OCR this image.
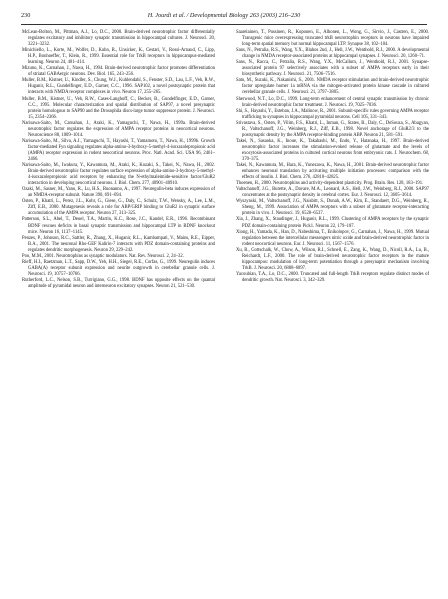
230	H. Jourdi et al. / Developmental Biology 263 (2003) 216–230

McLean-Bolton, M., Pittman, A.J., Lo, D.C., 2000. Brain-derived neurotrophic factor differentially regulates excitatory and inhibitory synaptic transmission in hippocampal cultures. J. Neurosci. 20, 3221–3232.

Minichiello, L., Korte, M., Wolfer, D., Kuhn, R., Unsicker, K., Cestari, V., Rossi-Arnaud, C., Lipp, H.P., Bonhoeffer, T., Klein, R., 1999. Essential role for TrkB receptors in hippocampus-mediated learning. Neuron 24, 401–414.

Mizuno, K., Carnahan, J., Nawa, H., 1994. Brain-derived neurotrophic factor promotes differentiation of striatal GABAergic neurons. Dev. Biol. 165, 243–256.

Muller, B.M., Kistner, U., Kindler, S., Chung, W.J., Kuhlendahl, S., Fenster, S.D., Lau, L.F., Veh, R.W., Huganir, R.L., Gundelfinger, E.D., Garner, C.C., 1996. SAP102, a novel postsynaptic protein that interacts with NMDA receptor complexes in vivo. Neuron 17, 255–265.

Muller, B.M., Kistner, U., Veh, R.W., Cases-Langhoff, C., Becker, B., Gundelfinger, E.D., Garner, C.C., 1995. Molecular characterization and spatial distribution of SAP97, a novel presynaptic protein homologous to SAP90 and the Drosophila discs-large tumor suppressor protein. J. Neurosci. 15, 2354–2366.

Narisawa-Saito, M., Carnahan, J., Araki, K., Yamaguchi, T., Nawa, H., 1999a. Brain-derived neurotrophic factor regulates the expression of AMPA receptor proteins in neocortical neurons. Neuroscience 88, 1009–1014.

Narisawa-Saito, M., Silva, A.J., Yamaguchi, T., Hayashi, T., Yamamoto, T., Nawa, H., 1999b. Growth factor-mediated Fyn signaling regulates alpha-amino-3-hydroxy-5-methyl-4-isoxazolepropionic acid (AMPA) receptor expression in rodent neocortical neurons. Proc. Natl. Acad. Sci. USA 96, 2461–2466.

Narisawa-Saito, M., Iwakura, Y., Kawamura, M., Araki, K., Kozaki, S., Takei, N., Nawa, H., 2002. Brain-derived neurotrophic factor regulates surface expression of alpha-amino-3-hydroxy-5-methyl-4-isoxazolepropionic acid receptors by enhancing the N-ethylmaleimide-sensitive factor/GluR2 interaction in developing neocortical neurons. J. Biol. Chem. 277, 40901–40910.

Ozaki, M., Sasner, M., Yano, R., Lu, H.S., Buonanno, A., 1997. Neuregulin-beta induces expression of an NMDA-receptor subunit. Nature 390, 691–694.

Osten, P., Khatri, L., Perez, J.L., Kohr, G., Giese, G., Daly, C., Schulz, T.W., Wensky, A., Lee, L.M., Ziff, E.B., 2000. Mutagenesis reveals a role for ABP/GRIP binding to GluR2 in synaptic surface accumulation of the AMPA receptor. Neuron 27, 313–325.

Patterson, S.L., Abel, T., Deuel, T.A., Martin, K.C., Rose, J.C., Kandel, E.R., 1996. Recombinant BDNF rescues deficits in basal synaptic transmission and hippocampal LTP in BDNF knockout mice. Neuron 16, 1137–1145.

Penzes, P., Johnson, R.C., Sattler, R., Zhang, X., Huganir, R.L., Kambampati, V., Mains, R.E., Eipper, B.A., 2001. The neuronal Rho-GEF Kalirin-7 interacts with PDZ domain-containing proteins and regulates dendritic morphogenesis. Neuron 29, 229–242.

Poo, M.M., 2001. Neurotrophins as synaptic modulators. Nat. Rev. Neurosci. 2, 24–32.

Rieff, H.I., Raetzman, L.T., Sapp, D.W., Yeh, H.H., Siegel, R.E., Corfas, G., 1999. Neuregulin induces GABA(A) receptor subunit expression and neurite outgrowth in cerebellar granule cells. J. Neurosci. 19, 10757–10766.

Rutherford, L.C., Nelson, S.B., Turrigiano, G.G., 1998. BDNF has opposite effects on the quantal amplitude of pyramidal neuron and interneuron excitatory synapses. Neuron 21, 521–530.

Saarelainen, T., Pussinen, R., Koponen, E., Alhonen, L., Wong, G., Sirvio, J., Castren, E., 2000. Transgenic mice overexpressing truncated trkB neurotrophin receptors in neurons have impaired long-term spatial memory but normal hippocampal LTP. Synapse 38, 102–104.

Sans, N., Petralia, R.S., Wang, Y.X., Blahos 2nd, J., Hell, J.W., Wenthold, R.J., 2000. A developmental change in NMDA receptor-associated proteins at hippocampal synapses. J. Neurosci. 20, 1260–71.

Sans, N., Racca, C., Petralia, R.S., Wang, Y.X., McCallum, J., Wenthold, R.J., 2001. Synapse-associated protein 97 selectively associates with a subset of AMPA receptors early in their biosynthetic pathway. J. Neurosci. 21, 7506–7516.

Sato, M., Suzuki, K., Nakanishi, S., 2001. NMDA receptor stimulation and brain-derived neurotrophic factor upregulate homer 1a mRNA via the mitogen-activated protein kinase cascade in cultured cerebellar granule cells. J. Neurosci. 21, 3797–3805.

Sherwood, N.T., Lo, D.C., 1999. Long-term enhancement of central synaptic transmission by chronic brain-derived neurotrophic factor treatment. J. Neurosci. 19, 7025–7036.

Shi, S., Hayashi, Y., Esteban, J.A., Malinow, R., 2001. Subunit-specific rules governing AMPA receptor trafficking to synapses in hippocampal pyramidal neurons. Cell 105, 331–343.

Srivastava, S., Osten, P., Vilim, F.S., Khatri, L., Inman, G., States, B., Daly, C., DeSouza, S., Abagyan, R., Valtschanoff, J.G., Weinberg, R.J., Ziff, E.B., 1998. Novel anchorage of GluR2/3 to the postsynaptic density by the AMPA receptor-binding protein ABP. Neuron 21, 581–591.

Takei, N., Sasaoka, K., Inoue, K., Takahashi, M., Endo, Y., Hatanaka, H., 1997. Brain-derived neurotrophic factor increases the stimulation-evoked release of glutamate and the levels of exocytosis-associated proteins in cultured cortical neurons from embryonic rats. J. Neurochem. 68, 370–375.

Takei, N., Kawamura, M., Hara, K., Yonezawa, K., Nawa, H., 2001. Brain-derived neurotrophic factor enhances neuronal translation by activating multiple initiation processes: comparison with the effects of insulin. J. Biol. Chem. 276, 42818–42825.

Thoenen, H., 2000. Neurotrophins and activity-dependent plasticity. Prog. Brain. Res. 128, 183–191.

Valtschanoff, J.G., Burette, A., Davare, M.A., Leonard, A.S., Hell, J.W., Weinberg, R.J., 2000. SAP97 concentrates at the postsynaptic density in cerebral cortex. Eur. J. Neurosci. 12, 3605–3614.

Wyszynski, M., Valtschanoff, J.G., Naisbitt, S., Dunah, A.W., Kim, E., Standaert, D.G., Weinberg, R., Sheng, M., 1999. Association of AMPA receptors with a subset of glutamate receptor-interacting protein in vivo. J. Neurosci. 19, 6528–6537.

Xia, J., Zhang, X., Staudinger, J., Huganir, R.L., 1999. Clustering of AMPA receptors by the synaptic PDZ domain-containing protein Pick1. Neuron 22, 179–187.

Xiong, H., Yamada, K., Han, D., Nabeshima, T., Enikolopov, G., Carnahan, J., Nawa, H., 1999. Mutual regulation between the intercellular messengers nitric oxide and brain-derived neurotrophic factor in rodent neocortical neurons. Eur. J. Neurosci. 11, 1567–1576.

Xu, B., Gottschalk, W., Chow, A., Wilson, R.I., Schnell, E., Zang, K., Wang, D., Nicoll, R.A., Lu, B., Reichardt, L.F., 2000. The role of brain-derived neurotrophic factor receptors in the mature hippocampus: modulation of long-term potentiation through a presynaptic mechanism involving TrkB. J. Neurosci. 20, 6888–6897.

Yacoubian, T.A., Lo, D.C., 2000. Truncated and full-length TrkB receptors regulate distinct modes of dendritic growth. Nat. Neurosci. 3, 342–329.
